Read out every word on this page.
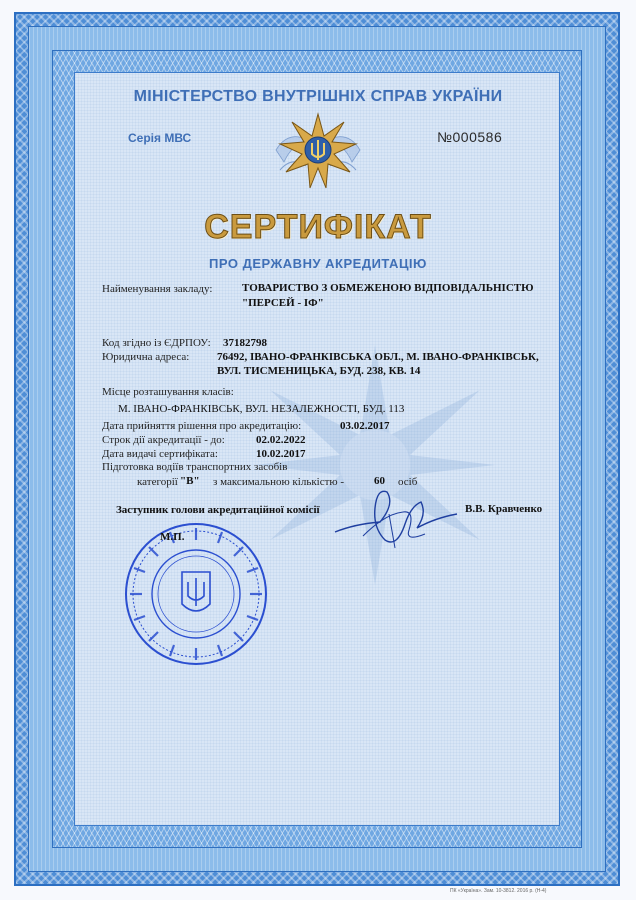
МІНІСТЕРСТВО ВНУТРІШНІХ СПРАВ УКРАЇНИ
Серія МВС	№000586
СЕРТИФІКАТ
ПРО ДЕРЖАВНУ АКРЕДИТАЦІЮ
Найменування закладу:	ТОВАРИСТВО З ОБМЕЖЕНОЮ ВІДПОВІДАЛЬНІСТЮ
"ПЕРСЕЙ - ІФ"
Код згідно із ЄДРПОУ: 37182798
Юридична адреса:	76492, ІВАНО-ФРАНКІВСЬКА ОБЛ., М. ІВАНО-ФРАНКІВСЬК,
ВУЛ. ТИСМЕНИЦЬКА, БУД. 238, КВ. 14
Місце розташування класів:
М. ІВАНО-ФРАНКІВСЬК, ВУЛ. НЕЗАЛЕЖНОСТІ, БУД. 113
Дата прийняття рішення про акредитацію:	03.02.2017
Строк дії акредитації - до:	02.02.2022
Дата видачі сертифіката:	10.02.2017
Підготовка водіїв транспортних засобів
категорії "B" з максимальною кількістю -	60 осіб
Заступник голови акредитаційної комісії	В.В. Кравченко
М.П.
ПК «Україна». Зам. 10-3812. 2016 р. (Н-4)
